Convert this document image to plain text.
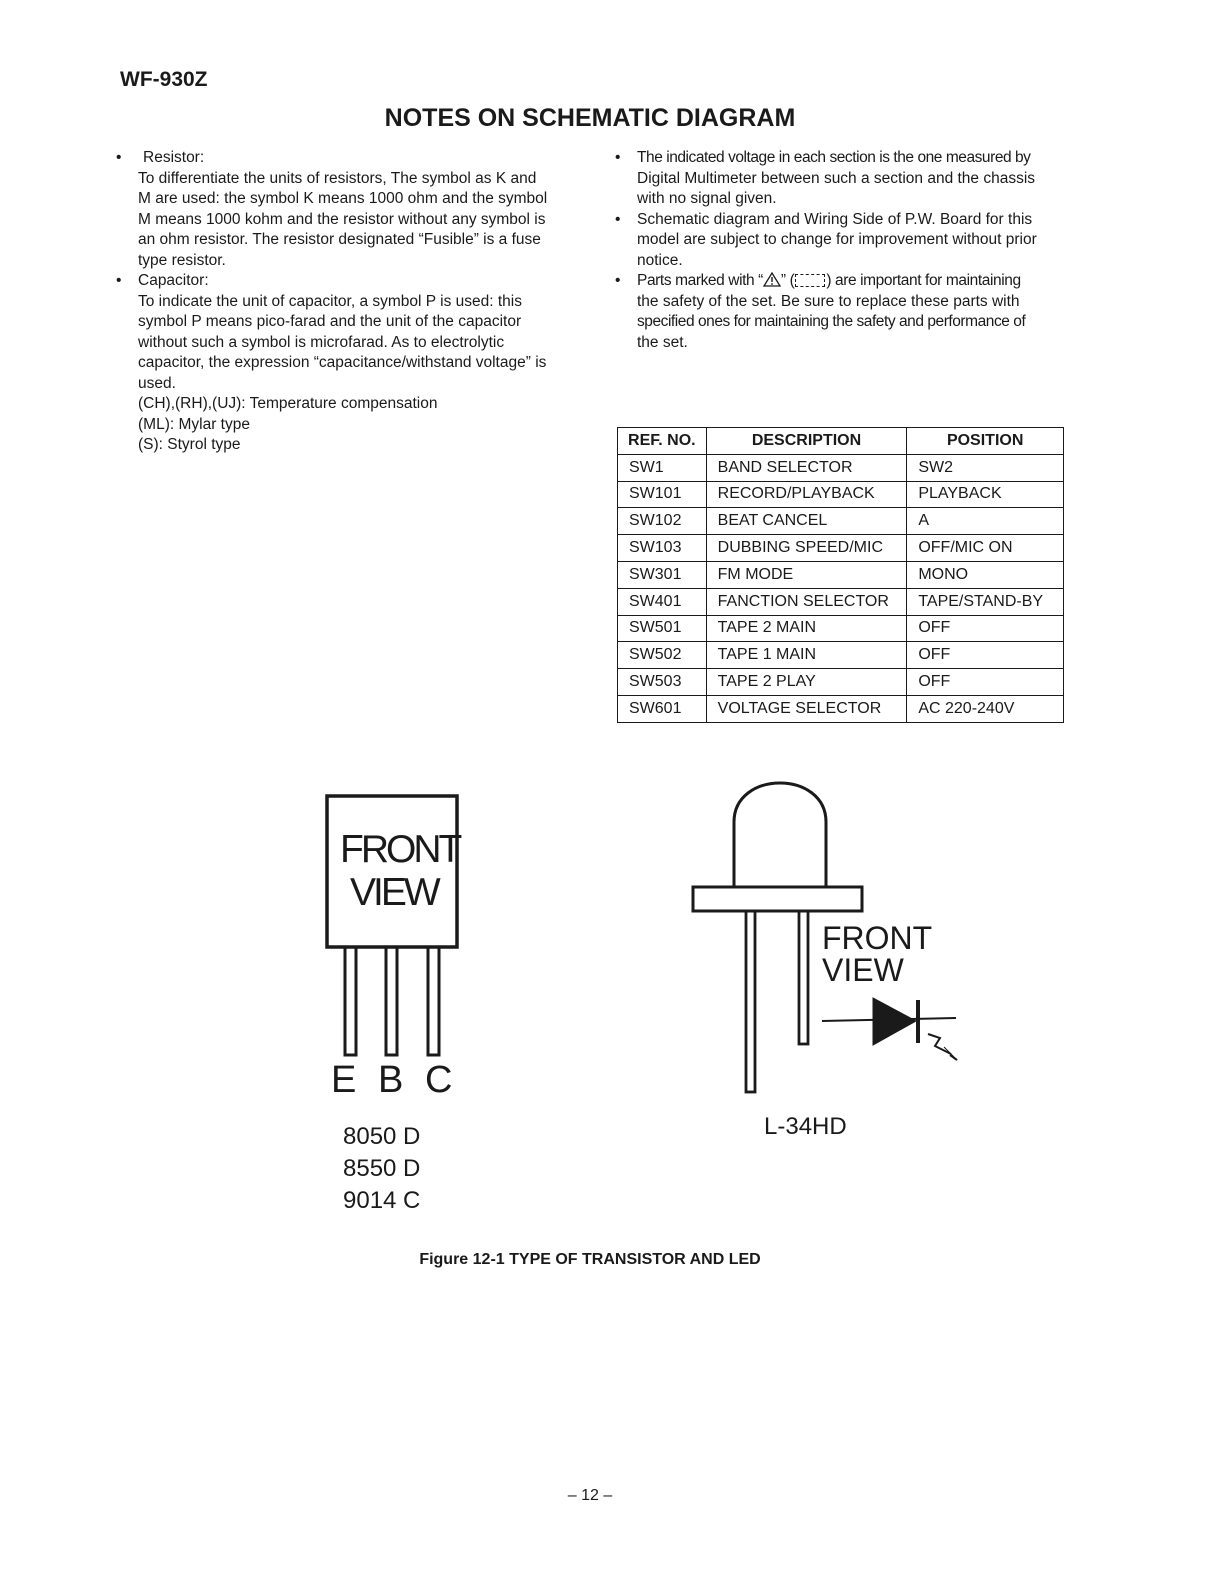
WF-930Z
NOTES ON SCHEMATIC DIAGRAM
•	Resistor:
To differentiate the units of resistors, The symbol as K and
M are used: the symbol K means 1000 ohm and the symbol
M means 1000 kohm and the resistor without any symbol is
an ohm resistor. The resistor designated “Fusible” is a fuse
type resistor.
• Capacitor:
To indicate the unit of capacitor, a symbol P is used: this
symbol P means pico-farad and the unit of the capacitor
without such a symbol is microfarad. As to electrolytic
capacitor, the expression “capacitance/withstand voltage” is
used.
(CH),(RH),(UJ): Temperature compensation
(ML): Mylar type
(S): Styrol type
• The indicated voltage in each section is the one measured by
Digital Multimeter between such a section and the chassis
with no signal given.
• Schematic diagram and Wiring Side of P.W. Board for this
model are subject to change for improvement without prior
notice.
• Parts marked with “ ” ( ) are important for maintaining
the safety of the set. Be sure to replace these parts with
specified ones for maintaining the safety and performance of
the set.
REF. NO.	DESCRIPTION	POSITION
SW1	BAND SELECTOR	SW2
SW101	RECORD/PLAYBACK	PLAYBACK
SW102	BEAT CANCEL	A
SW103	DUBBING SPEED/MIC	OFF/MIC ON
SW301	FM MODE	MONO
SW401	FANCTION SELECTOR	TAPE/STAND-BY
SW501	TAPE 2 MAIN	OFF
SW502	TAPE 1 MAIN	OFF
SW503	TAPE 2 PLAY	OFF
SW601	VOLTAGE SELECTOR	AC 220-240V
FRONT
VIEW
E B C
8050 D
8550 D
9014 C
FRONT
VIEW
L-34HD
Figure 12-1 TYPE OF TRANSISTOR AND LED
– 12 –
